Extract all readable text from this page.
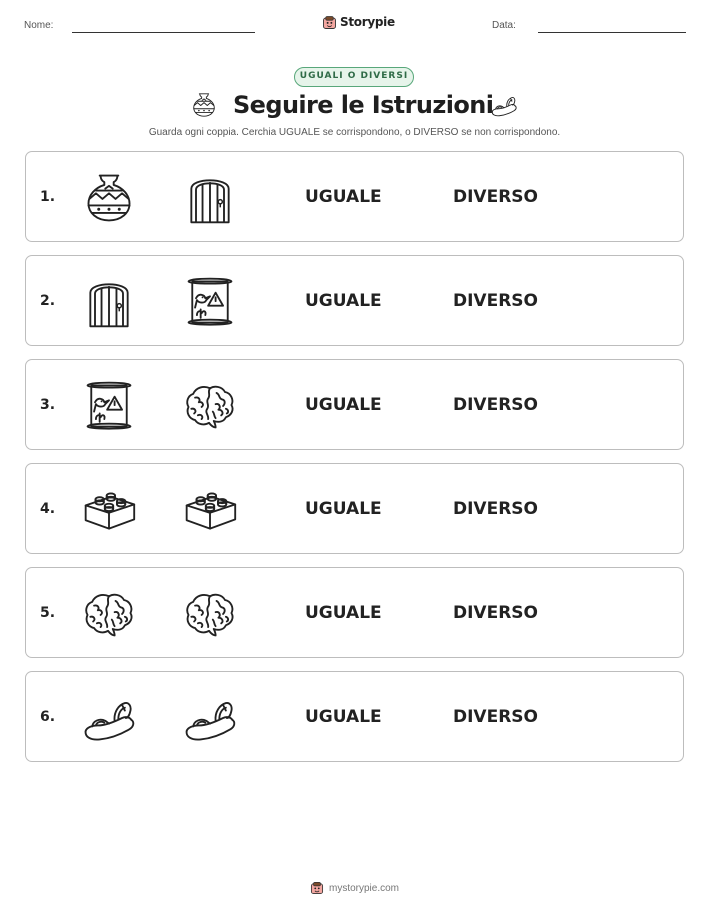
Nome:	Storypie	Data:
UGUALI O DIVERSI
Seguire le Istruzioni
Guarda ogni coppia. Cerchia UGUALE se corrispondono, o DIVERSO se non corrispondono.
1.	UGUALE	DIVERSO
2.	UGUALE	DIVERSO
3.	UGUALE	DIVERSO
4.	UGUALE	DIVERSO
5.	UGUALE	DIVERSO
6.	UGUALE	DIVERSO
mystorypie.com
